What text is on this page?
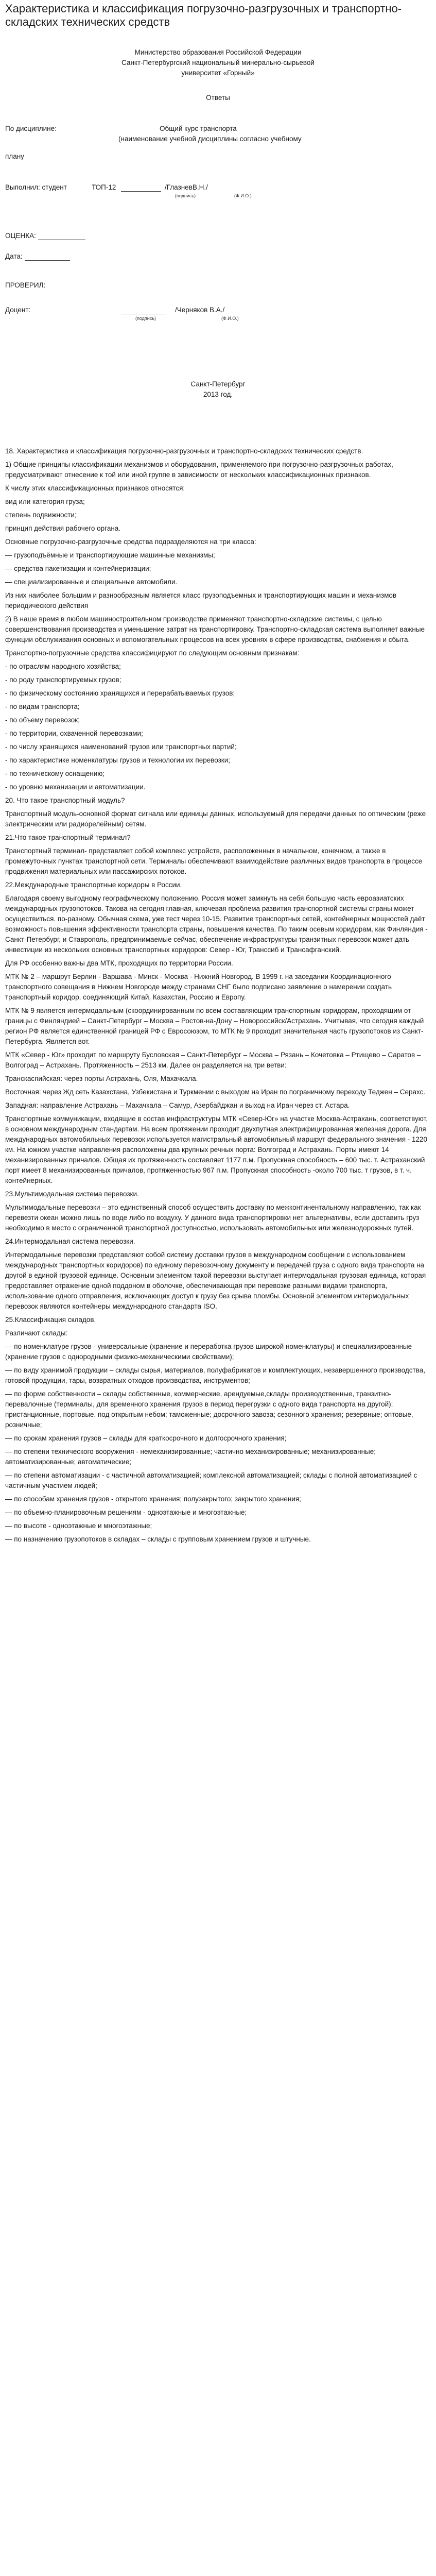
Характеристика и классификация погрузочно-разгрузочных и транспортно-складских технических средств
Министерство образования Российской Федерации
Санкт-Петербургский национальный минерально-сырьевой
университет «Горный»
Ответы
По дисциплине:	Общий курс транспорта
(наименование учебной дисциплины согласно учебному
плану
Выполнил: студент	ТОП-12	/ГлазневВ.Н./
(подпись)	(Ф.И.О.)
ОЦЕНКА:
Дата:
ПРОВЕРИЛ:
Доцент:	/Черняков В.А./
(подпись)	(Ф.И.О.)
Санкт-Петербург
2013 год.
18. Характеристика и классификация погрузочно-разгрузочных и транспортно-складских технических средств.
1) Общие принципы классификации механизмов и оборудования, применяемого при погрузочно-разгрузочных работах, предусматривают отнесение к той или иной группе в зависимости от нескольких классификационных признаков.
К числу этих классификационных признаков относятся:
вид или категория груза;
степень подвижности;
принцип действия рабочего органа.
Основные погрузочно-разгрузочные средства подразделяются на три класса:
— грузоподъёмные и транспортирующие машинные механизмы;
— средства пакетизации и контейнеризации;
— специализированные и специальные автомобили.
Из них наиболее большим и разнообразным является класс грузоподъемных и транспортирующих машин и механизмов периодического действия
2) В наше время в любом машиностроительном производстве применяют транспортно-складские системы, с целью совершенствования производства и уменьшение затрат на транспортировку. Транспортно-складская система выполняет важные функции обслуживания основных и вспомогательных процессов на всех уровнях в сфере производства, снабжения и сбыта.
Транспортно-погрузочные средства классифицируют по следующим основным признакам:
- по отраслям народного хозяйства;
- по роду транспортируемых грузов;
- по физическому состоянию хранящихся и перерабатываемых грузов;
- по видам транспорта;
- по объему перевозок;
- по территории, охваченной перевозками;
- по числу хранящихся наименований грузов или транспортных партий;
- по характеристике номенклатуры грузов и технологии их перевозки;
- по техническому оснащению;
- по уровню механизации и автоматизации.
20. Что такое транспортный модуль?
Транспортный модуль-основной формат сигнала или единицы данных, используемый для передачи данных по оптическим (реже электрическим или радиорелейным) сетям.
21.Что такое транспортный терминал?
Транспортный терминал- представляет собой комплекс устройств, расположенных в начальном, конечном, а также в промежуточных пунктах транспортной сети. Терминалы обеспечивают взаимодействие различных видов транспорта в процессе продвижения материальных или пассажирских потоков.
22.Международные транспортные коридоры в России.
Благодаря своему выгодному географическому положению, Россия может замкнуть на себя большую часть евроазиатских международных грузопотоков. Такова на сегодня главная, ключевая проблема развития транспортной системы страны может осуществиться. по-разному. Обычная схема, уже тест через 10-15. Развитие транспортных сетей, контейнерных мощностей даёт возможность повышения эффективности транспорта страны, повышения качества. По таким осевым коридорам, как Финляндия - Санкт-Петербург, и Ставрополь, предпринимаемые сейчас, обеспечение инфраструктуры транзитных перевозок может дать инвестиции из нескольких основных транспортных коридоров: Север - Юг, Транссиб и Трансафганский.
Для РФ особенно важны два МТК, проходящих по территории России.
МТК № 2 – маршрут Берлин - Варшава - Минск - Москва - Нижний Новгород. В 1999 г. на заседании Координационного транспортного совещания в Нижнем Новгороде между странами СНГ было подписано заявление о намерении создать транспортный коридор, соединяющий Китай, Казахстан, Россию и Европу.
МТК № 9 является интермодальным (скоординированным по всем составляющим транспортным коридорам, проходящим от границы с Финляндией – Санкт-Петербург – Москва – Ростов-на-Дону – Новороссийск/Астрахань. Учитывая, что сегодня каждый регион РФ является единственной границей РФ с Евросоюзом, то МТК № 9 проходит значительная часть грузопотоков из Санкт-Петербурга. Является вот.
МТК «Север - Юг» проходит по маршруту Бусловская – Санкт-Петербург – Москва – Рязань – Кочетовка – Ртищево – Саратов – Волгоград – Астрахань. Протяженность – 2513 км. Далее он разделяется на три ветви:
Транскаспийская: через порты Астрахань, Оля, Махачкала.
Восточная: через Жд сеть Казахстана, Узбекистана и Туркмении с выходом на Иран по пограничному переходу Теджен – Серахс.
Западная: направление Астрахань – Махачкала – Самур, Азербайджан и выход на Иран через ст. Астара.
Транспортные коммуникации, входящие в состав инфраструктуры МТК «Север-Юг» на участке Москва-Астрахань, соответствуют, в основном международным стандартам. На всем протяжении проходит двухпутная электрифицированная железная дорога. Для международных автомобильных перевозок используется магистральный автомобильный маршрут федерального значения - 1220 км. На южном участке направления расположены два крупных речных порта: Волгоград и Астрахань. Порты имеют 14 механизированных причалов. Общая их протяженность составляет 1177 п.м. Пропускная способность – 600 тыс. т. Астраханский порт имеет 8 механизированных причалов, протяженностью 967 п.м. Пропускная способность -около 700 тыс. т грузов, в т. ч. контейнерных.
23.Мультимодальная система перевозки.
Мультимодальные перевозки – это единственный способ осуществить доставку по межконтинентальному направлению, так как перевезти океан можно лишь по воде либо по воздуху. У данного вида транспортировки нет альтернативы, если доставить груз необходимо в место с ограниченной транспортной доступностью, использовать автомобильных или железнодорожных путей.
24.Интермодальная система перевозки.
Интермодальные перевозки представляют собой систему доставки грузов в международном сообщении с использованием международных транспортных коридоров) по единому перевозочному документу и передачей груза с одного вида транспорта на другой в единой грузовой единице. Основным элементом такой перевозки выступает интермодальная грузовая единица, которая предоставляет отражение одной поддоном в оболочке, обеспечивающая при перевозке разными видами транспорта, использование одного отправления, исключающих доступ к грузу без срыва пломбы. Основной элементом интермодальных перевозок являются контейнеры международного стандарта ISO.
25.Классификация складов.
Различают склады:
— по номенклатуре грузов - универсальные (хранение и переработка грузов широкой номенклатуры) и специализированные (хранение грузов с однородными физико-механическими свойствами);
— по виду хранимой продукции – склады сырья, материалов, полуфабрикатов и комплектующих, незавершенного производства, готовой продукции, тары, возвратных отходов производства, инструментов;
— по форме собственности – склады собственные, коммерческие, арендуемые,склады производственные, транзитно-перевалочные (терминалы, для временного хранения грузов в период перегрузки с одного вида транспорта на другой); пристанционные, портовые, под открытым небом; таможенные; досрочного завоза; сезонного хранения; резервные; оптовые, розничные;
— по срокам хранения грузов – склады для краткосрочного и долгосрочного хранения;
— по степени технического вооружения - немеханизированные; частично механизированные; механизированные; автоматизированные; автоматические;
— по степени автоматизации - с частичной автоматизацией; комплексной автоматизацией; склады с полной автоматизацией с частичным участием людей;
— по способам хранения грузов - открытого хранения; полузакрытого; закрытого хранения;
— по объемно-планировочным решениям - одноэтажные и многоэтажные;
— по высоте - одноэтажные и многоэтажные;
— по назначению грузопотоков в складах – склады с групповым хранением грузов и штучные.
